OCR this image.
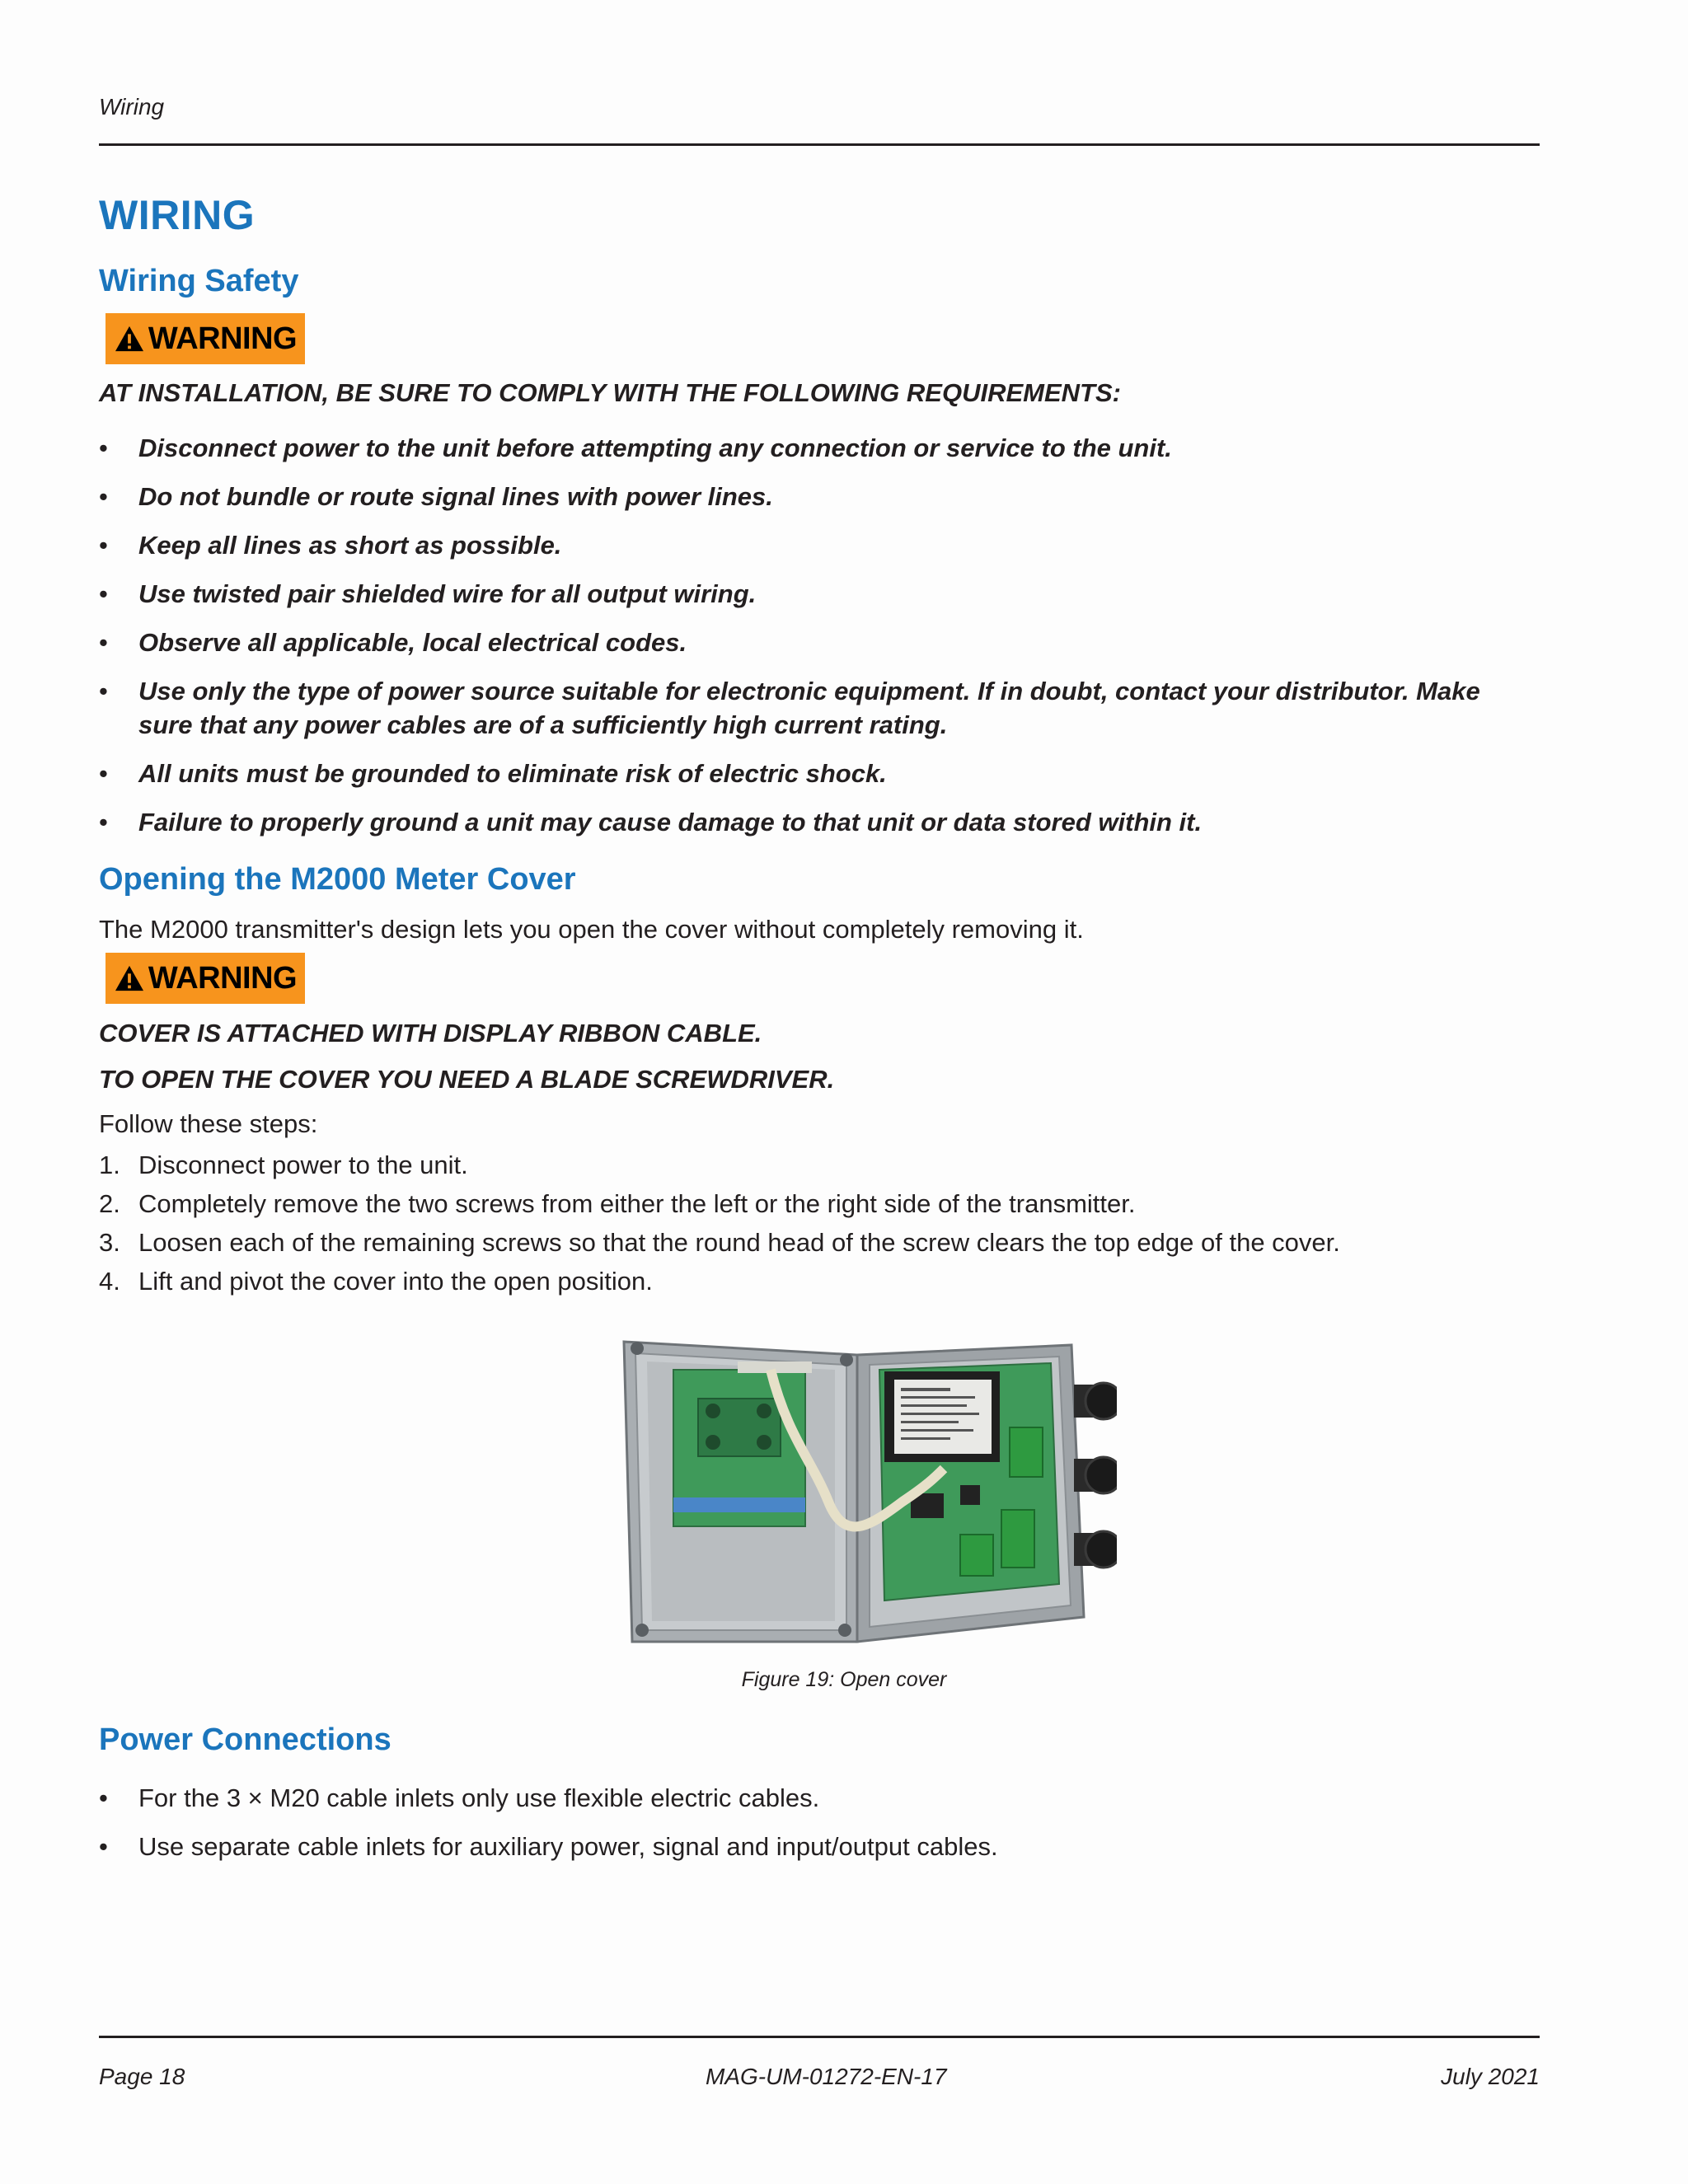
Wiring
WIRING
Wiring Safety
WARNING
AT INSTALLATION, BE SURE TO COMPLY WITH THE FOLLOWING REQUIREMENTS:
• Disconnect power to the unit before attempting any connection or service to the unit.
• Do not bundle or route signal lines with power lines.
• Keep all lines as short as possible.
• Use twisted pair shielded wire for all output wiring.
• Observe all applicable, local electrical codes.
• Use only the type of power source suitable for electronic equipment. If in doubt, contact your distributor. Make sure that any power cables are of a sufficiently high current rating.
• All units must be grounded to eliminate risk of electric shock.
• Failure to properly ground a unit may cause damage to that unit or data stored within it.
Opening the M2000 Meter Cover
The M2000 transmitter's design lets you open the cover without completely removing it.
WARNING
COVER IS ATTACHED WITH DISPLAY RIBBON CABLE.
TO OPEN THE COVER YOU NEED A BLADE SCREWDRIVER.
Follow these steps:
1. Disconnect power to the unit.
2. Completely remove the two screws from either the left or the right side of the transmitter.
3. Loosen each of the remaining screws so that the round head of the screw clears the top edge of the cover.
4. Lift and pivot the cover into the open position.
Figure 19: Open cover
Power Connections
• For the 3 × M20 cable inlets only use flexible electric cables.
• Use separate cable inlets for auxiliary power, signal and input/output cables.
Page 18	MAG-UM-01272-EN-17	July 2021
